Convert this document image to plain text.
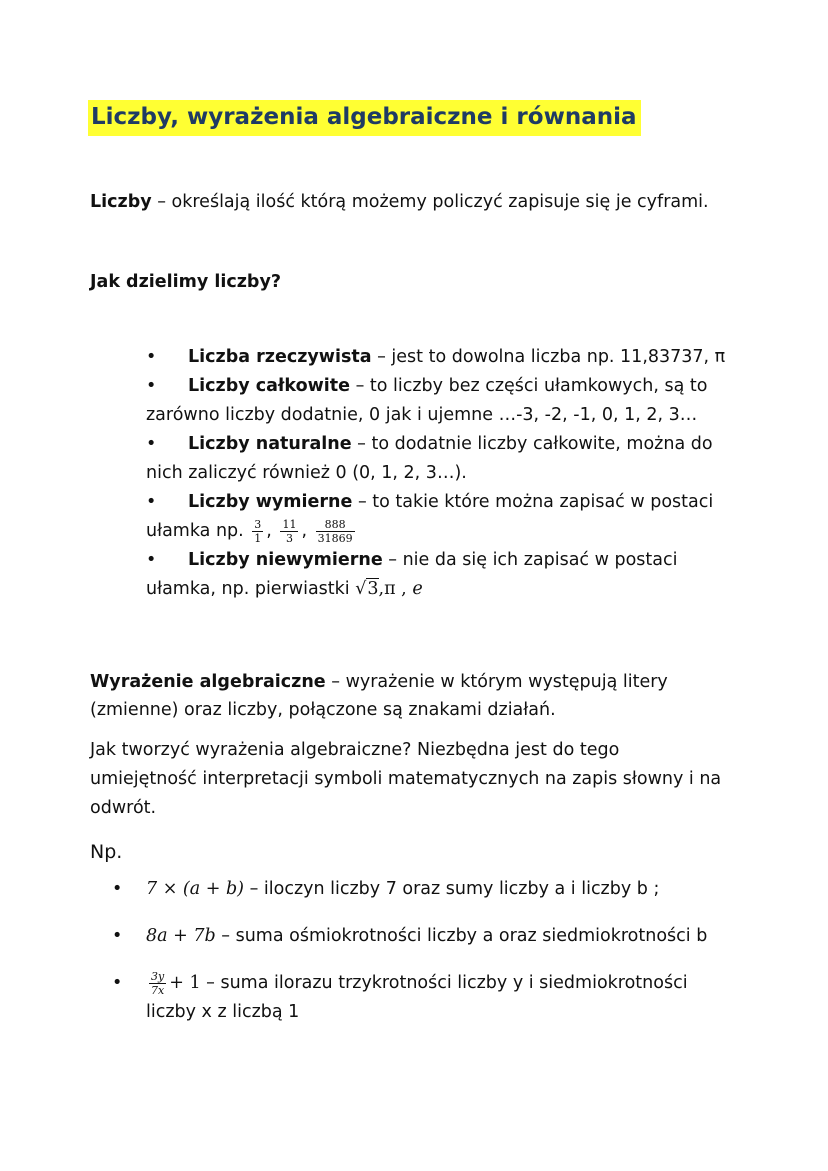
Liczby, wyrażenia algebraiczne i równania

Liczby – określają ilość którą możemy policzyć zapisuje się je cyframi.

Jak dzielimy liczby?

•	Liczba rzeczywista – jest to dowolna liczba np. 11,83737, π
•	Liczby całkowite – to liczby bez części ułamkowych, są to
zarówno liczby dodatnie, 0 jak i ujemne …-3, -2, -1, 0, 1, 2, 3…
•	Liczby naturalne – to dodatnie liczby całkowite, można do
nich zaliczyć również 0 (0, 1, 2, 3…).
•	Liczby wymierne – to takie które można zapisać w postaci
ułamka np. $\frac{3}{1}$ , $\frac{11}{3}$ , $\frac{888}{31869}$
•	Liczby niewymierne – nie da się ich zapisać w postaci
ułamka, np. pierwiastki √3,π , e
Wyrażenie algebraiczne – wyrażenie w którym występują litery
(zmienne) oraz liczby, połączone są znakami działań.
Jak tworzyć wyrażenia algebraiczne? Niezbędna jest do tego
umiejętność interpretacji symboli matematycznych na zapis słowny i na
odwrót.

Np.

• 7 × (a + b) – iloczyn liczby 7 oraz sumy liczby a i liczby b ;
• 8a + 7b – suma ośmiokrotności liczby a oraz siedmiokrotności b
• $\frac{3y}{7x} + 1$ – suma ilorazu trzykrotności liczby y i siedmiokrotności
liczby x z liczbą 1
